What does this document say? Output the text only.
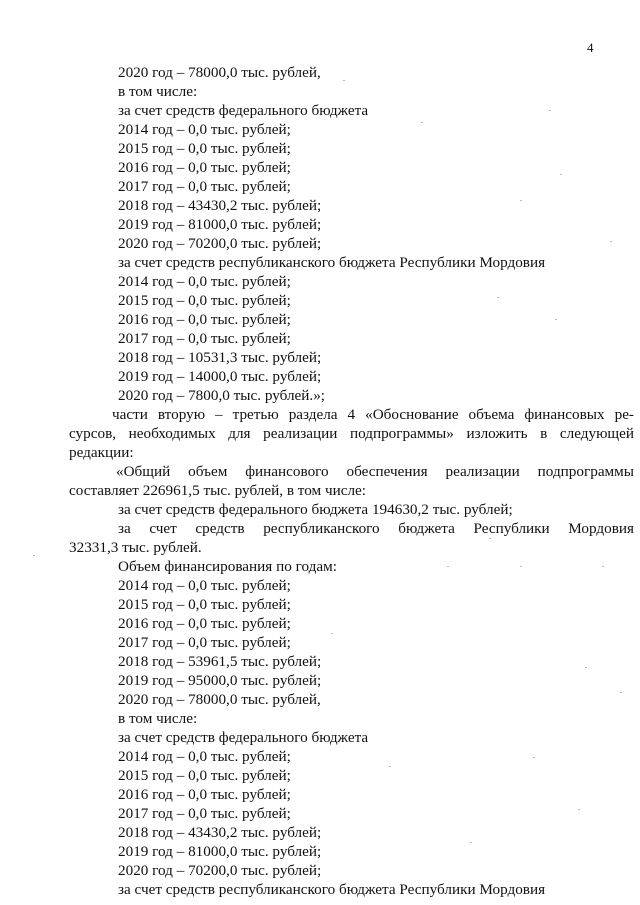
4
2020 год – 78000,0 тыс. рублей,
в том числе:
за счет средств федерального бюджета
2014 год – 0,0 тыс. рублей;
2015 год – 0,0 тыс. рублей;
2016 год – 0,0 тыс. рублей;
2017 год – 0,0 тыс. рублей;
2018 год – 43430,2 тыс. рублей;
2019 год – 81000,0 тыс. рублей;
2020 год – 70200,0 тыс. рублей;
за счет средств республиканского бюджета Республики Мордовия
2014 год – 0,0 тыс. рублей;
2015 год – 0,0 тыс. рублей;
2016 год – 0,0 тыс. рублей;
2017 год – 0,0 тыс. рублей;
2018 год – 10531,3 тыс. рублей;
2019 год – 14000,0 тыс. рублей;
2020 год – 7800,0 тыс. рублей.»;
части вторую – третью раздела 4 «Обоснование объема финансовых ре-
сурсов, необходимых для реализации подпрограммы» изложить в следующей
редакции:
«Общий объем финансового обеспечения реализации подпрограммы
составляет 226961,5 тыс. рублей, в том числе:
за счет средств федерального бюджета 194630,2 тыс. рублей;
за счет средств республиканского бюджета Республики Мордовия
32331,3 тыс. рублей.
Объем финансирования по годам:
2014 год – 0,0 тыс. рублей;
2015 год – 0,0 тыс. рублей;
2016 год – 0,0 тыс. рублей;
2017 год – 0,0 тыс. рублей;
2018 год – 53961,5 тыс. рублей;
2019 год – 95000,0 тыс. рублей;
2020 год – 78000,0 тыс. рублей,
в том числе:
за счет средств федерального бюджета
2014 год – 0,0 тыс. рублей;
2015 год – 0,0 тыс. рублей;
2016 год – 0,0 тыс. рублей;
2017 год – 0,0 тыс. рублей;
2018 год – 43430,2 тыс. рублей;
2019 год – 81000,0 тыс. рублей;
2020 год – 70200,0 тыс. рублей;
за счет средств республиканского бюджета Республики Мордовия
